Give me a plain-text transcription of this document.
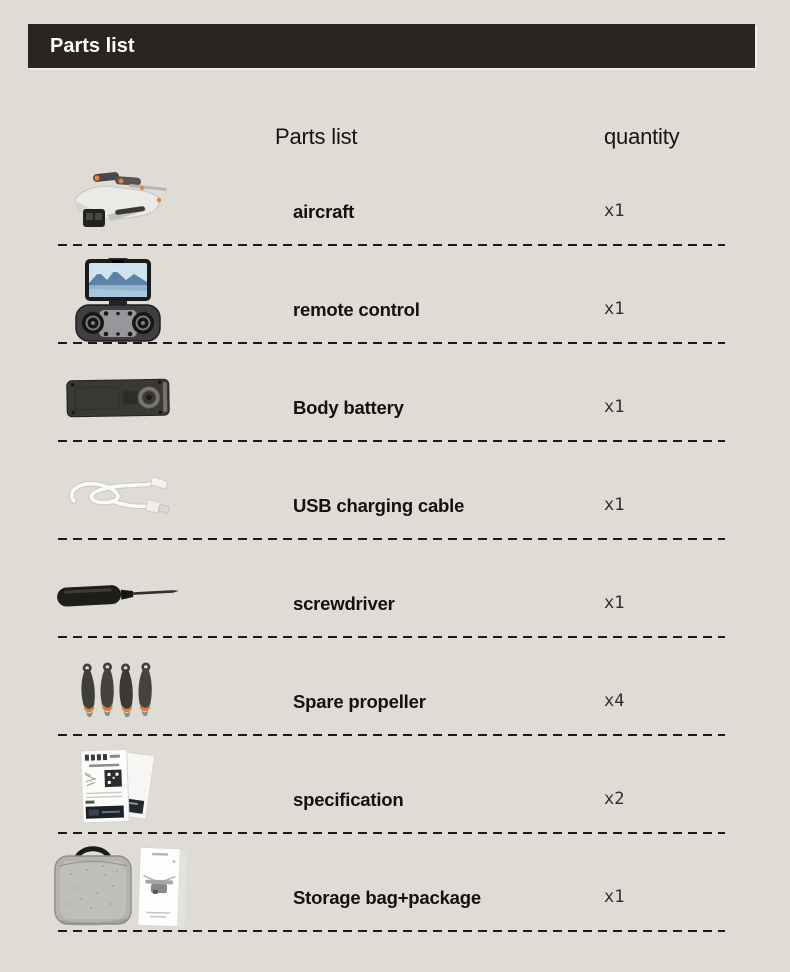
Parts list
Parts list	quantity
aircraft	x1
remote control	x1
Body battery	x1
USB charging cable	x1
screwdriver	x1
Spare propeller	x4
specification	x2
Storage bag+package	x1
